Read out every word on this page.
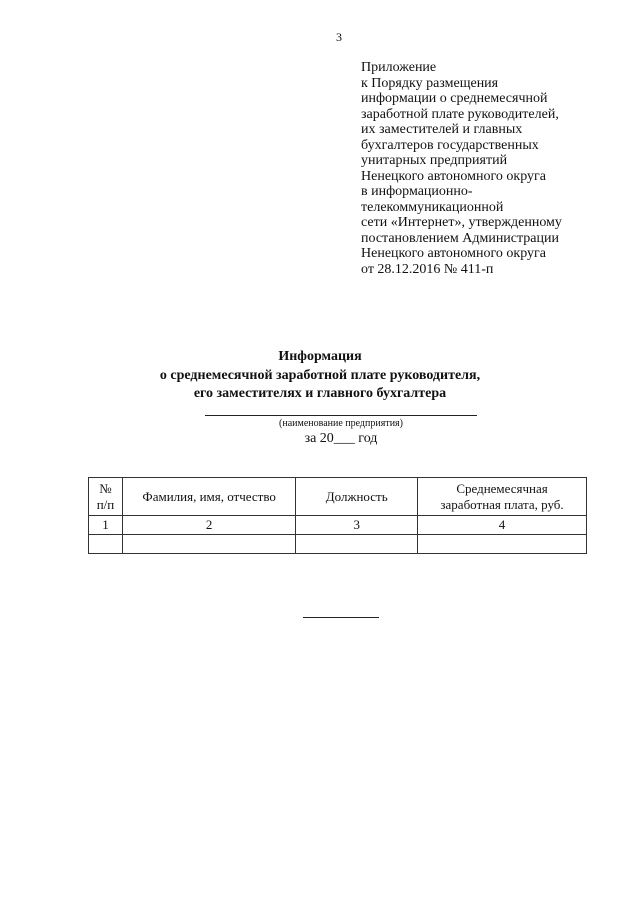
3
Приложение
к Порядку размещения
информации о среднемесячной
заработной плате руководителей,
их заместителей и главных
бухгалтеров государственных
унитарных предприятий
Ненецкого автономного округа
в информационно-
телекоммуникационной
сети «Интернет», утвержденному
постановлением Администрации
Ненецкого автономного округа
от 28.12.2016 № 411-п
Информация
о среднемесячной заработной плате руководителя,
его заместителях и главного бухгалтера
(наименование предприятия)
за 20___ год
№ п/п	Фамилия, имя, отчество	Должность	Среднемесячная заработная плата, руб.
1	2	3	4
